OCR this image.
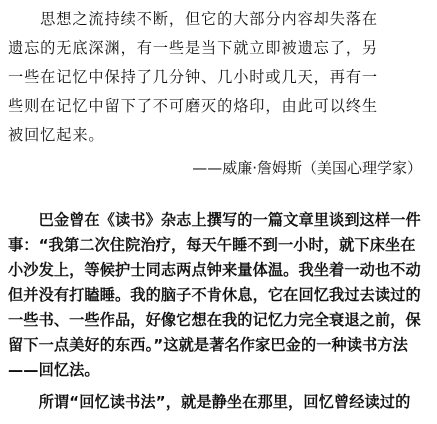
　　思想之流持续不断，但它的大部分内容却失落在
遗忘的无底深渊，有一些是当下就立即被遗忘了，另
一些在记忆中保持了几分钟、几小时或几天，再有一
些则在记忆中留下了不可磨灭的烙印，由此可以终生
被回忆起来。
——威廉·詹姆斯（美国心理学家）
　　巴金曾在《读书》杂志上撰写的一篇文章里谈到这样一件
事：“我第二次住院治疗，每天午睡不到一小时，就下床坐在
小沙发上，等候护士同志两点钟来量体温。我坐着一动也不动
但并没有打瞌睡。我的脑子不肯休息，它在回忆我过去读过的
一些书、一些作品，好像它想在我的记忆力完全衰退之前，保
留下一点美好的东西。”这就是著名作家巴金的一种读书方法
——回忆法。
　　所谓“回忆读书法”，就是静坐在那里，回忆曾经读过的
